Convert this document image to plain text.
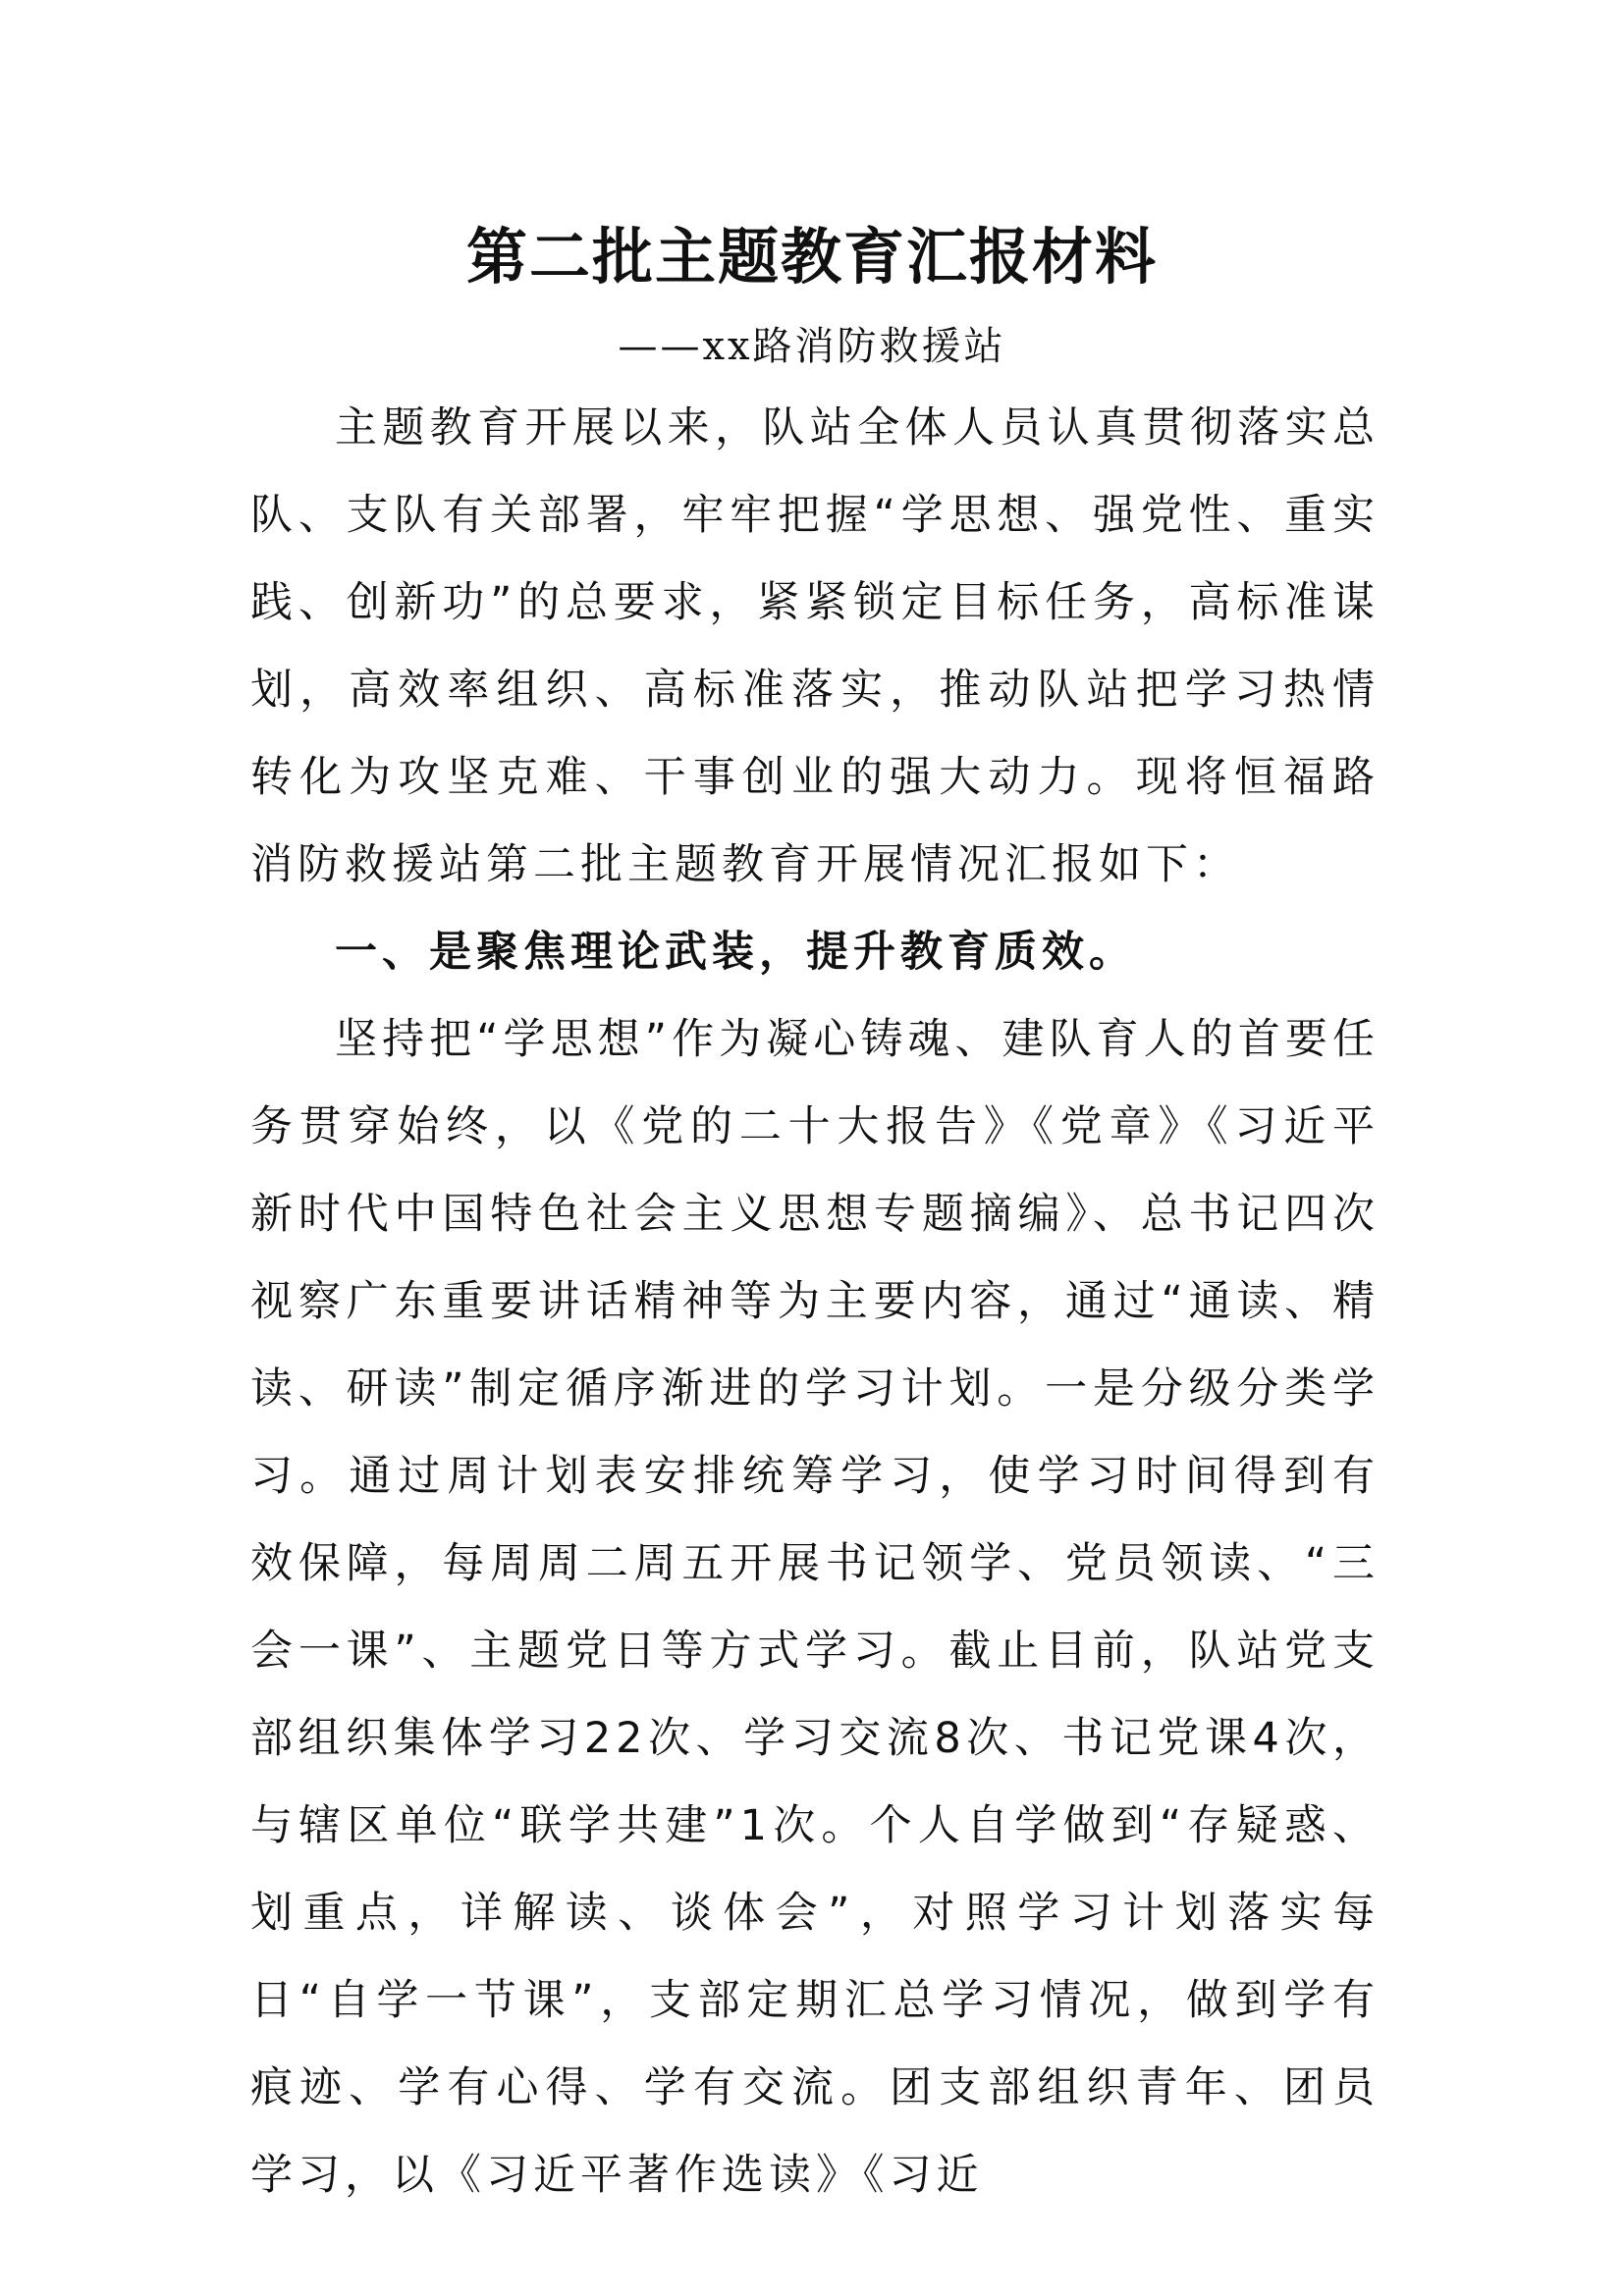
第二批主题教育汇报材料
——xx路消防救援站

主题教育开展以来，队站全体人员认真贯彻落实总队、支队有关部署，牢牢把握“学思想、强党性、重实践、创新功”的总要求，紧紧锁定目标任务，高标准谋划，高效率组织、高标准落实，推动队站把学习热情转化为攻坚克难、干事创业的强大动力。现将恒福路消防救援站第二批主题教育开展情况汇报如下：

一、是聚焦理论武装，提升教育质效。

坚持把“学思想”作为凝心铸魂、建队育人的首要任务贯穿始终，以《党的二十大报告》《党章》《习近平新时代中国特色社会主义思想专题摘编》、总书记四次视察广东重要讲话精神等为主要内容，通过“通读、精读、研读”制定循序渐进的学习计划。一是分级分类学习。通过周计划表安排统筹学习，使学习时间得到有效保障，每周周二周五开展书记领学、党员领读、“三会一课”、主题党日等方式学习。截止目前，队站党支部组织集体学习22次、学习交流8次、书记党课4次，与辖区单位“联学共建”1次。个人自学做到“存疑惑、划重点，详解读、谈体会”，对照学习计划落实每日“自学一节课”，支部定期汇总学习情况，做到学有痕迹、学有心得、学有交流。团支部组织青年、团员学习，以《习近平著作选读》《习近
